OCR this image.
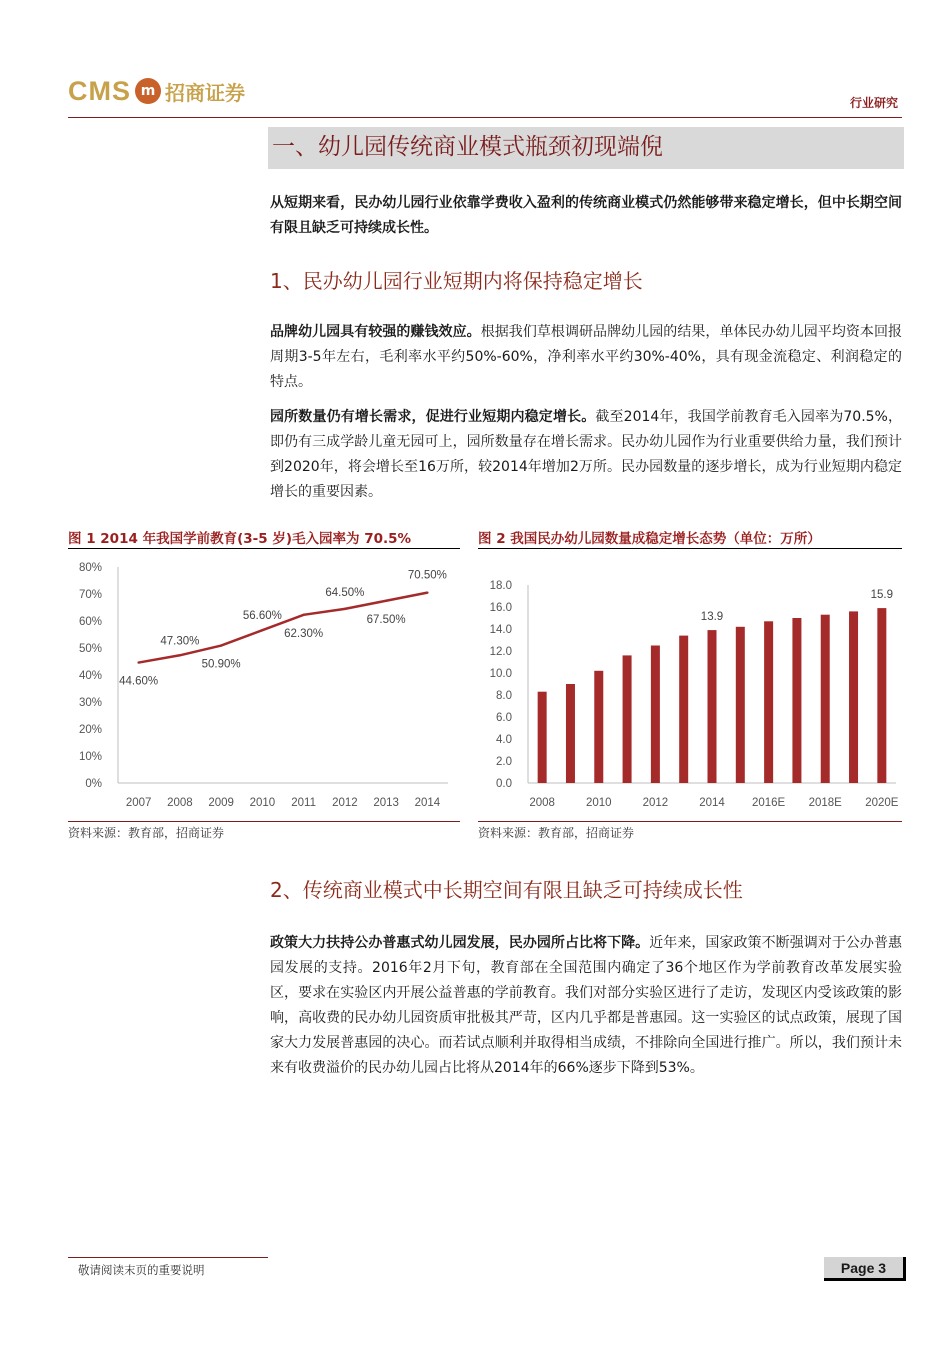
CMS m 招商证券	行业研究
一、幼儿园传统商业模式瓶颈初现端倪
从短期来看，民办幼儿园行业依靠学费收入盈利的传统商业模式仍然能够带来稳定增长，但中长期空间有限且缺乏可持续成长性。
1、民办幼儿园行业短期内将保持稳定增长
品牌幼儿园具有较强的赚钱效应。根据我们草根调研品牌幼儿园的结果，单体民办幼儿园平均资本回报周期3-5年左右，毛利率水平约50%-60%，净利率水平约30%-40%，具有现金流稳定、利润稳定的特点。
园所数量仍有增长需求，促进行业短期内稳定增长。截至2014年，我国学前教育毛入园率为70.5%，即仍有三成学龄儿童无园可上，园所数量存在增长需求。民办幼儿园作为行业重要供给力量，我们预计到2020年，将会增长至16万所，较2014年增加2万所。民办园数量的逐步增长，成为行业短期内稳定增长的重要因素。
图 1 2014 年我国学前教育(3-5 岁)毛入园率为 70.5%	图 2 我国民办幼儿园数量成稳定增长态势（单位：万所）
0%
10%
20%
30%
40%
50%
60%
70%
80%
2007 2008 2009 2010 2011 2012 2013 2014
44.60%
47.30%
50.90%
56.60%
62.30%
64.50%
67.50%
70.50%
0.0
2.0
4.0
6.0
8.0
10.0
12.0
14.0
16.0
18.0
2008	2010	2012	2014 2016E 2018E 2020E
13.9
15.9
资料来源：教育部，招商证券	资料来源：教育部，招商证券
2、传统商业模式中长期空间有限且缺乏可持续成长性
政策大力扶持公办普惠式幼儿园发展，民办园所占比将下降。近年来，国家政策不断强调对于公办普惠园发展的支持。2016年2月下旬，教育部在全国范围内确定了36个地区作为学前教育改革发展实验区，要求在实验区内开展公益普惠的学前教育。我们对部分实验区进行了走访，发现区内受该政策的影响，高收费的民办幼儿园资质审批极其严苛，区内几乎都是普惠园。这一实验区的试点政策，展现了国家大力发展普惠园的决心。而若试点顺利并取得相当成绩，不排除向全国进行推广。所以，我们预计未来有收费溢价的民办幼儿园占比将从2014年的66%逐步下降到53%。
敬请阅读末页的重要说明	Page 3
